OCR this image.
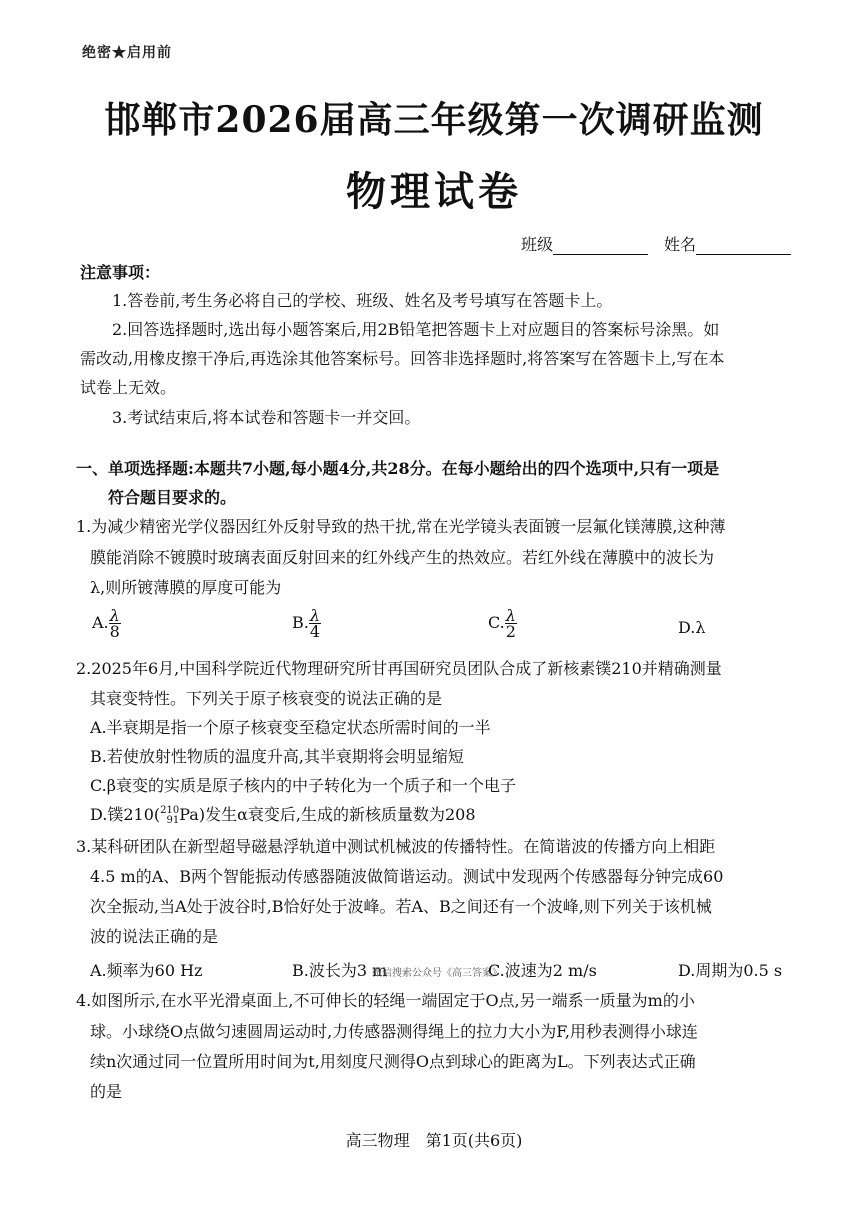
绝密★启用前
邯郸市2026届高三年级第一次调研监测
物理试卷
班级	姓名
注意事项：
1.答卷前,考生务必将自己的学校、班级、姓名及考号填写在答题卡上。
2.回答选择题时,选出每小题答案后,用2B铅笔把答题卡上对应题目的答案标号涂黑。如
需改动,用橡皮擦干净后,再选涂其他答案标号。回答非选择题时,将答案写在答题卡上,写在本
试卷上无效。
3.考试结束后,将本试卷和答题卡一并交回。
一、单项选择题:本题共7小题,每小题4分,共28分。在每小题给出的四个选项中,只有一项是
符合题目要求的。
1.为减少精密光学仪器因红外反射导致的热干扰,常在光学镜头表面镀一层氟化镁薄膜,这种薄
膜能消除不镀膜时玻璃表面反射回来的红外线产生的热效应。若红外线在薄膜中的波长为
λ,则所镀薄膜的厚度可能为
A. $\frac{\lambda}{8}$	B. $\frac{\lambda}{4}$	C. $\frac{\lambda}{2}$	D.λ
2.2025年6月,中国科学院近代物理研究所甘再国研究员团队合成了新核素镤210并精确测量
其衰变特性。下列关于原子核衰变的说法正确的是
A.半衰期是指一个原子核衰变至稳定状态所需时间的一半
B.若使放射性物质的温度升高,其半衰期将会明显缩短
C.β衰变的实质是原子核内的中子转化为一个质子和一个电子
D.镤210( 210
91 Pa)发生α衰变后,生成的新核质量数为208
3.某科研团队在新型超导磁悬浮轨道中测试机械波的传播特性。在简谐波的传播方向上相距
4.5 m的A、B两个智能振动传感器随波做简谐运动。测试中发现两个传感器每分钟完成60
次全振动,当A处于波谷时,B恰好处于波峰。若A、B之间还有一个波峰,则下列关于该机械
波的说法正确的是
A.频率为60 Hz	B.波长为3 m
微信搜索公众号《高三答案》
C.波速为2 m/s	D.周期为0.5 s
4.如图所示,在水平光滑桌面上,不可伸长的轻绳一端固定于O点,另一端系一质量为m的小
球。小球绕O点做匀速圆周运动时,力传感器测得绳上的拉力大小为F,用秒表测得小球连
续n次通过同一位置所用时间为t,用刻度尺测得O点到球心的距离为L。下列表达式正确
的是
高三物理　第1页(共6页)
